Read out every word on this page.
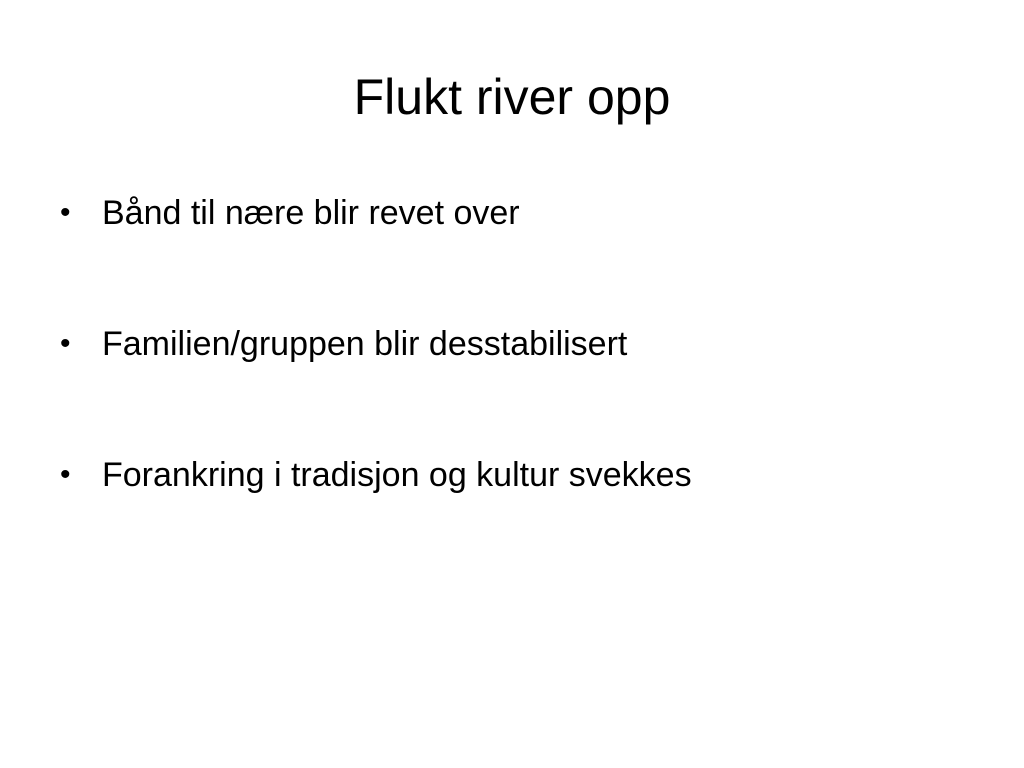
Flukt river opp
• Bånd til nære blir revet over
• Familien/gruppen blir desstabilisert
• Forankring i tradisjon og kultur svekkes
